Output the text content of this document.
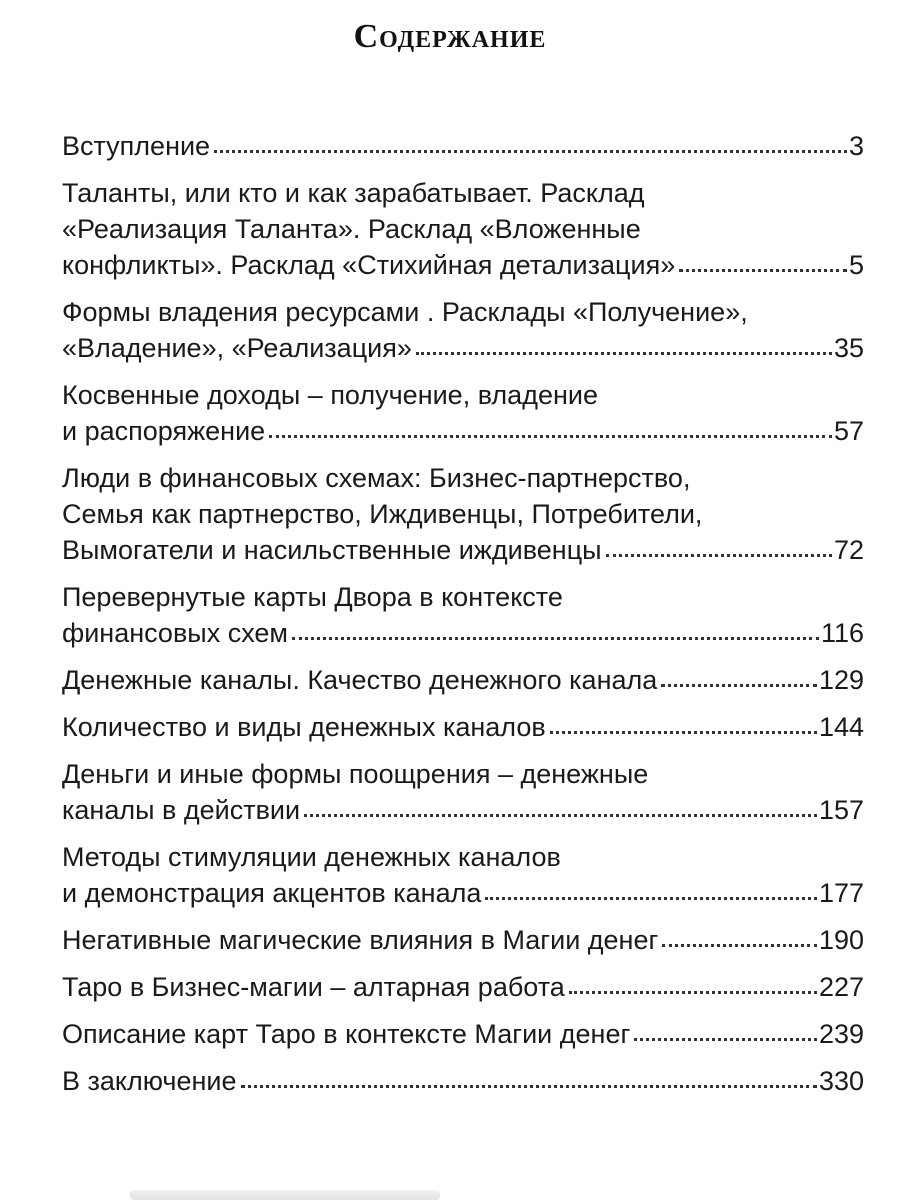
Содержание
Вступление	3
Таланты, или кто и как зарабатывает. Расклад
«Реализация Таланта». Расклад «Вложенные
конфликты». Расклад «Стихийная детализация»	5
Формы владения ресурсами . Расклады «Получение»,
«Владение», «Реализация»	35
Косвенные доходы – получение, владение
и распоряжение	57
Люди в финансовых схемах: Бизнес-партнерство,
Семья как партнерство, Иждивенцы, Потребители,
Вымогатели и насильственные иждивенцы	72
Перевернутые карты Двора в контексте
финансовых схем	116
Денежные каналы. Качество денежного канала	129
Количество и виды денежных каналов	144
Деньги и иные формы поощрения – денежные
каналы в действии	157
Методы стимуляции денежных каналов
и демонстрация акцентов канала	177
Негативные магические влияния в Магии денег	190
Таро в Бизнес-магии – алтарная работа	227
Описание карт Таро в контексте Магии денег	239
В заключение	330
